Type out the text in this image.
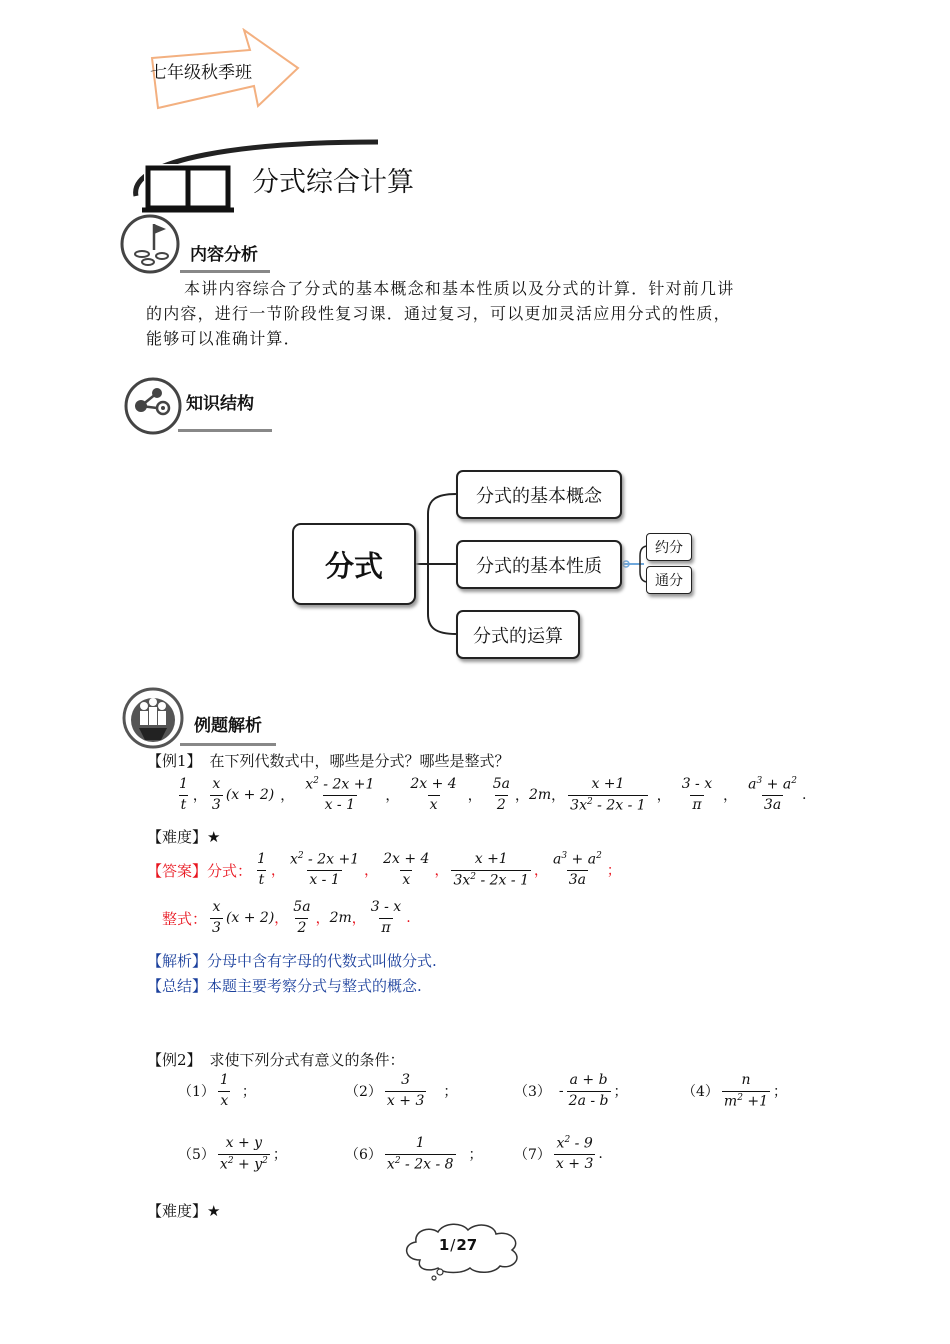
七年级秋季班
分式综合计算
内容分析
本讲内容综合了分式的基本概念和基本性质以及分式的计算．针对前几讲
的内容，进行一节阶段性复习课．通过复习，可以更加灵活应用分式的性质，
能够可以准确计算．
知识结构
分式
分式的基本概念
分式的基本性质
分式的运算
约分
通分
例题解析
【例1】 在下列代数式中，哪些是分式？哪些是整式？
$\frac{1}{t}$ ， $\frac{x}{3} (x + 2)$ ， $\frac{x^2 - 2x +1}{x - 1}$ ， $\frac{2x + 4}{x}$ ， $\frac{5a}{2}$ ， 2m ， $\frac{x +1}{3x^2 - 2x - 1}$ ， $\frac{3 - x}{\pi}$ ， $\frac{a^3 + a^2}{3a}$ .
【难度】 ★
【答案】 分式： $\frac{1}{t}$ ， $\frac{x^2 - 2x +1}{x - 1}$ ， $\frac{2x + 4}{x}$ ， $\frac{x +1}{3x^2 - 2x - 1}$ ， $\frac{a^3 + a^2}{3a}$ ；
整式： $\frac{x}{3} (x + 2)$ ， $\frac{5a}{2}$ ， 2m ， $\frac{3 - x}{\pi}$ .
【解析】 分母中含有字母的代数式叫做分式.
【总结】 本题主要考察分式与整式的概念.
【例2】 求使下列分式有意义的条件：
$(1) \frac{1}{x}$ ；	$(2) \frac{3}{x + 3}$ ；	$(3) - \frac{a + b}{2a - b}$ ；	$(4) \frac{n}{m^2 +1}$ ；
$(5) \frac{x + y}{x^2 + y^2}$ ；	$(6) \frac{1}{x^2 - 2x - 8}$ ； $(7) \frac{x^2 - 9}{x + 3}$ .
【难度】 ★
1/27
